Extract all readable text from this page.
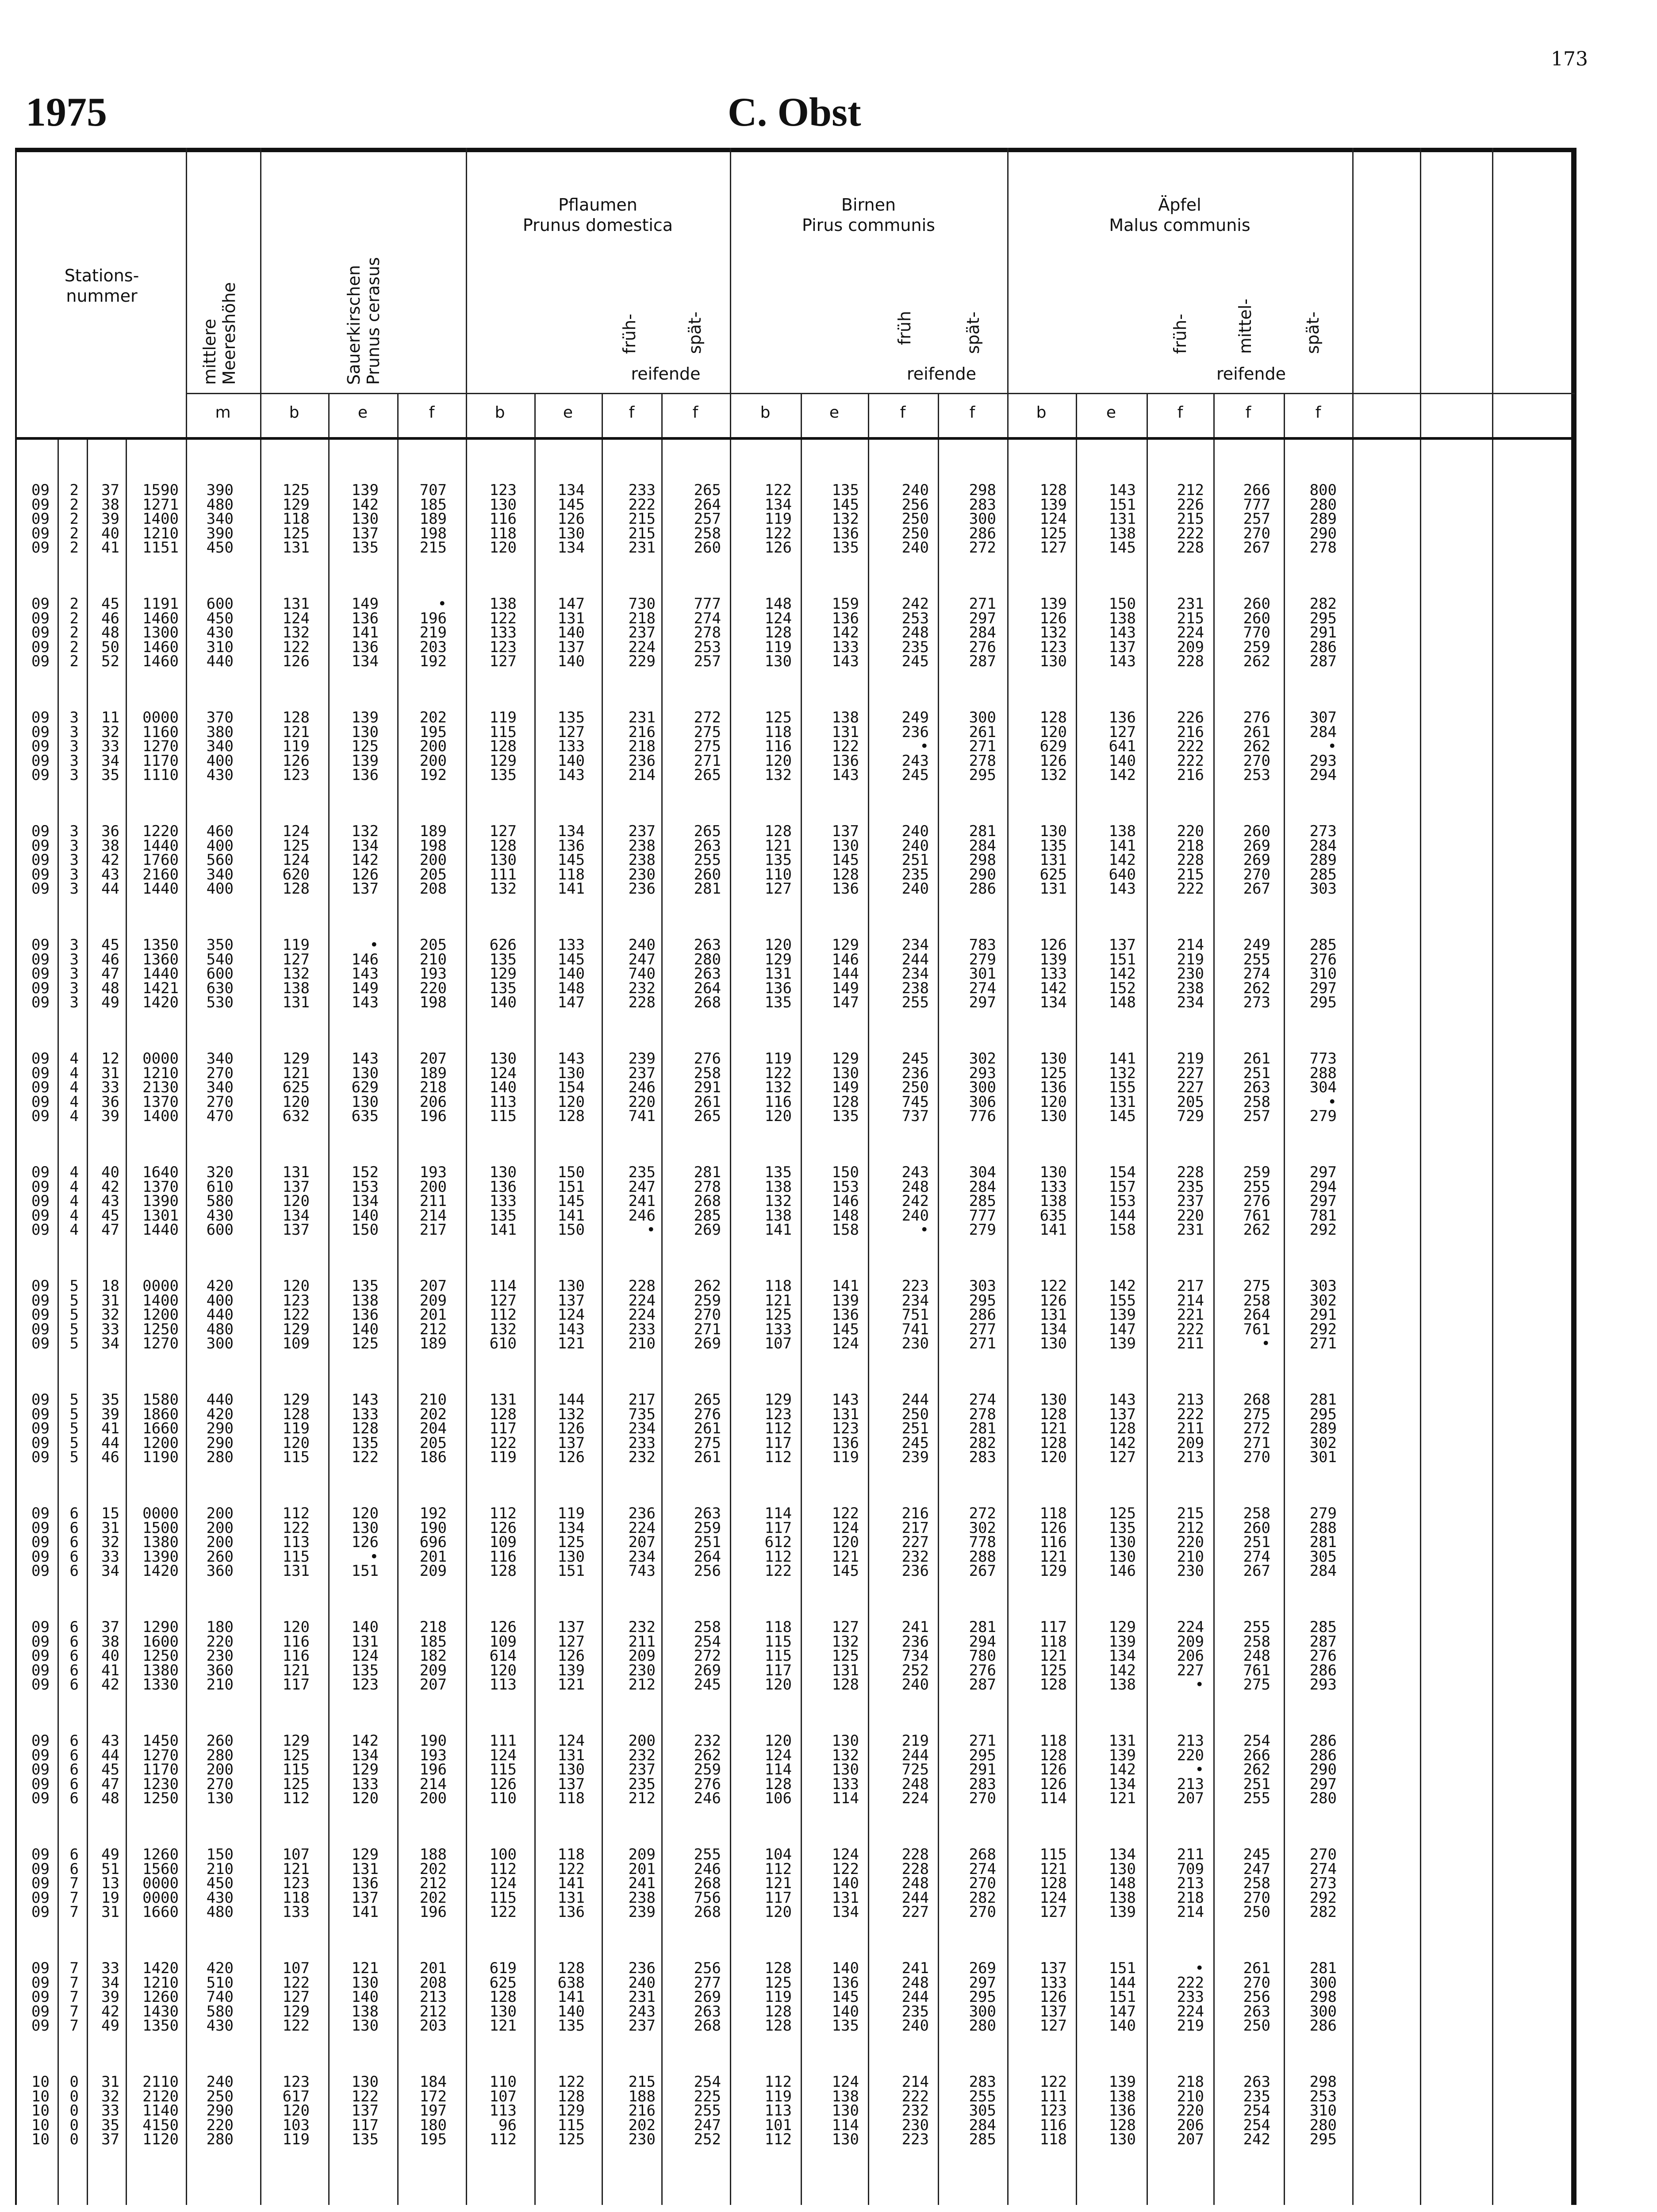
173
1975	C. Obst
Stations-
nummer
mittlere
Meereshöhe	Sauerkirschen
Prunus cerasus
Pflaumen
Prunus domestica
Birnen
Pirus communis
Äpfel
Malus communis
früh-	spät-
reifende
früh	spät-
reifende
früh-	mittel-	spät-
reifende
m	b	e	f	b	e	f	f	b	e	f	f	b	e	f	f	f
09	2	37	1590	390	125	139	707	123	134	233	265	122	135	240	298	128	143	212	266	800
09	2	38	1271	480	129	142	185	130	145	222	264	134	145	256	283	139	151	226	777	280
09	2	39	1400	340	118	130	189	116	126	215	257	119	132	250	300	124	131	215	257	289
09	2	40	1210	390	125	137	198	118	130	215	258	122	136	250	286	125	138	222	270	290
09	2	41	1151	450	131	135	215	120	134	231	260	126	135	240	272	127	145	228	267	278
09	2	45	1191	600	131	149	•	138	147	730	777	148	159	242	271	139	150	231	260	282
09	2	46	1460	450	124	136	196	122	131	218	274	124	136	253	297	126	138	215	260	295
09	2	48	1300	430	132	141	219	133	140	237	278	128	142	248	284	132	143	224	770	291
09	2	50	1460	310	122	136	203	123	137	224	253	119	133	235	276	123	137	209	259	286
09	2	52	1460	440	126	134	192	127	140	229	257	130	143	245	287	130	143	228	262	287
09	3	11	0000	370	128	139	202	119	135	231	272	125	138	249	300	128	136	226	276	307
09	3	32	1160	380	121	130	195	115	127	216	275	118	131	236	261	120	127	216	261	284
09	3	33	1270	340	119	125	200	128	133	218	275	116	122	•	271	629	641	222	262	•
09	3	34	1170	400	126	139	200	129	140	236	271	120	136	243	278	126	140	222	270	293
09	3	35	1110	430	123	136	192	135	143	214	265	132	143	245	295	132	142	216	253	294
09	3	36	1220	460	124	132	189	127	134	237	265	128	137	240	281	130	138	220	260	273
09	3	38	1440	400	125	134	198	128	136	238	263	121	130	240	284	135	141	218	269	284
09	3	42	1760	560	124	142	200	130	145	238	255	135	145	251	298	131	142	228	269	289
09	3	43	2160	340	620	126	205	111	118	230	260	110	128	235	290	625	640	215	270	285
09	3	44	1440	400	128	137	208	132	141	236	281	127	136	240	286	131	143	222	267	303
09	3	45	1350	350	119	•	205	626	133	240	263	120	129	234	783	126	137	214	249	285
09	3	46	1360	540	127	146	210	135	145	247	280	129	146	244	279	139	151	219	255	276
09	3	47	1440	600	132	143	193	129	140	740	263	131	144	234	301	133	142	230	274	310
09	3	48	1421	630	138	149	220	135	148	232	264	136	149	238	274	142	152	238	262	297
09	3	49	1420	530	131	143	198	140	147	228	268	135	147	255	297	134	148	234	273	295
09	4	12	0000	340	129	143	207	130	143	239	276	119	129	245	302	130	141	219	261	773
09	4	31	1210	270	121	130	189	124	130	237	258	122	130	236	293	125	132	227	251	288
09	4	33	2130	340	625	629	218	140	154	246	291	132	149	250	300	136	155	227	263	304
09	4	36	1370	270	120	130	206	113	120	220	261	116	128	745	306	120	131	205	258	•
09	4	39	1400	470	632	635	196	115	128	741	265	120	135	737	776	130	145	729	257	279
09	4	40	1640	320	131	152	193	130	150	235	281	135	150	243	304	130	154	228	259	297
09	4	42	1370	610	137	153	200	136	151	247	278	138	153	248	284	133	157	235	255	294
09	4	43	1390	580	120	134	211	133	145	241	268	132	146	242	285	138	153	237	276	297
09	4	45	1301	430	134	140	214	135	141	246	285	138	148	240	777	635	144	220	761	781
09	4	47	1440	600	137	150	217	141	150	•	269	141	158	•	279	141	158	231	262	292
09	5	18	0000	420	120	135	207	114	130	228	262	118	141	223	303	122	142	217	275	303
09	5	31	1400	400	123	138	209	127	137	224	259	121	139	234	295	126	155	214	258	302
09	5	32	1200	440	122	136	201	112	124	224	270	125	136	751	286	131	139	221	264	291
09	5	33	1250	480	129	140	212	132	143	233	271	133	145	741	277	134	147	222	761	292
09	5	34	1270	300	109	125	189	610	121	210	269	107	124	230	271	130	139	211	•	271
09	5	35	1580	440	129	143	210	131	144	217	265	129	143	244	274	130	143	213	268	281
09	5	39	1860	420	128	133	202	128	132	735	276	123	131	250	278	128	137	222	275	295
09	5	41	1660	290	119	128	204	117	126	234	261	112	123	251	281	121	128	211	272	289
09	5	44	1200	290	120	135	205	122	137	233	275	117	136	245	282	128	142	209	271	302
09	5	46	1190	280	115	122	186	119	126	232	261	112	119	239	283	120	127	213	270	301
09	6	15	0000	200	112	120	192	112	119	236	263	114	122	216	272	118	125	215	258	279
09	6	31	1500	200	122	130	190	126	134	224	259	117	124	217	302	126	135	212	260	288
09	6	32	1380	200	113	126	696	109	125	207	251	612	120	227	778	116	130	220	251	281
09	6	33	1390	260	115	•	201	116	130	234	264	112	121	232	288	121	130	210	274	305
09	6	34	1420	360	131	151	209	128	151	743	256	122	145	236	267	129	146	230	267	284
09	6	37	1290	180	120	140	218	126	137	232	258	118	127	241	281	117	129	224	255	285
09	6	38	1600	220	116	131	185	109	127	211	254	115	132	236	294	118	139	209	258	287
09	6	40	1250	230	116	124	182	614	126	209	272	115	125	734	780	121	134	206	248	276
09	6	41	1380	360	121	135	209	120	139	230	269	117	131	252	276	125	142	227	761	286
09	6	42	1330	210	117	123	207	113	121	212	245	120	128	240	287	128	138	•	275	293
09	6	43	1450	260	129	142	190	111	124	200	232	120	130	219	271	118	131	213	254	286
09	6	44	1270	280	125	134	193	124	131	232	262	124	132	244	295	128	139	220	266	286
09	6	45	1170	200	115	129	196	115	130	237	259	114	130	725	291	126	142	•	262	290
09	6	47	1230	270	125	133	214	126	137	235	276	128	133	248	283	126	134	213	251	297
09	6	48	1250	130	112	120	200	110	118	212	246	106	114	224	270	114	121	207	255	280
09	6	49	1260	150	107	129	188	100	118	209	255	104	124	228	268	115	134	211	245	270
09	6	51	1560	210	121	131	202	112	122	201	246	112	122	228	274	121	130	709	247	274
09	7	13	0000	450	123	136	212	124	141	241	268	121	140	248	270	128	148	213	258	273
09	7	19	0000	430	118	137	202	115	131	238	756	117	131	244	282	124	138	218	270	292
09	7	31	1660	480	133	141	196	122	136	239	268	120	134	227	270	127	139	214	250	282
09	7	33	1420	420	107	121	201	619	128	236	256	128	140	241	269	137	151	•	261	281
09	7	34	1210	510	122	130	208	625	638	240	277	125	136	248	297	133	144	222	270	300
09	7	39	1260	740	127	140	213	128	141	231	269	119	145	244	295	126	151	233	256	298
09	7	42	1430	580	129	138	212	130	140	243	263	128	140	235	300	137	147	224	263	300
09	7	49	1350	430	122	130	203	121	135	237	268	128	135	240	280	127	140	219	250	286
10	0	31	2110	240	123	130	184	110	122	215	254	112	124	214	283	122	139	218	263	298
10	0	32	2120	250	617	122	172	107	128	188	225	119	138	222	255	111	138	210	235	253
10	0	33	1140	290	120	137	197	113	129	216	255	113	130	232	305	123	136	220	254	310
10	0	35	4150	220	103	117	180	96	115	202	247	101	114	230	284	116	128	206	254	280
10	0	37	1120	280	119	135	195	112	125	230	252	112	130	223	285	118	130	207	242	295
